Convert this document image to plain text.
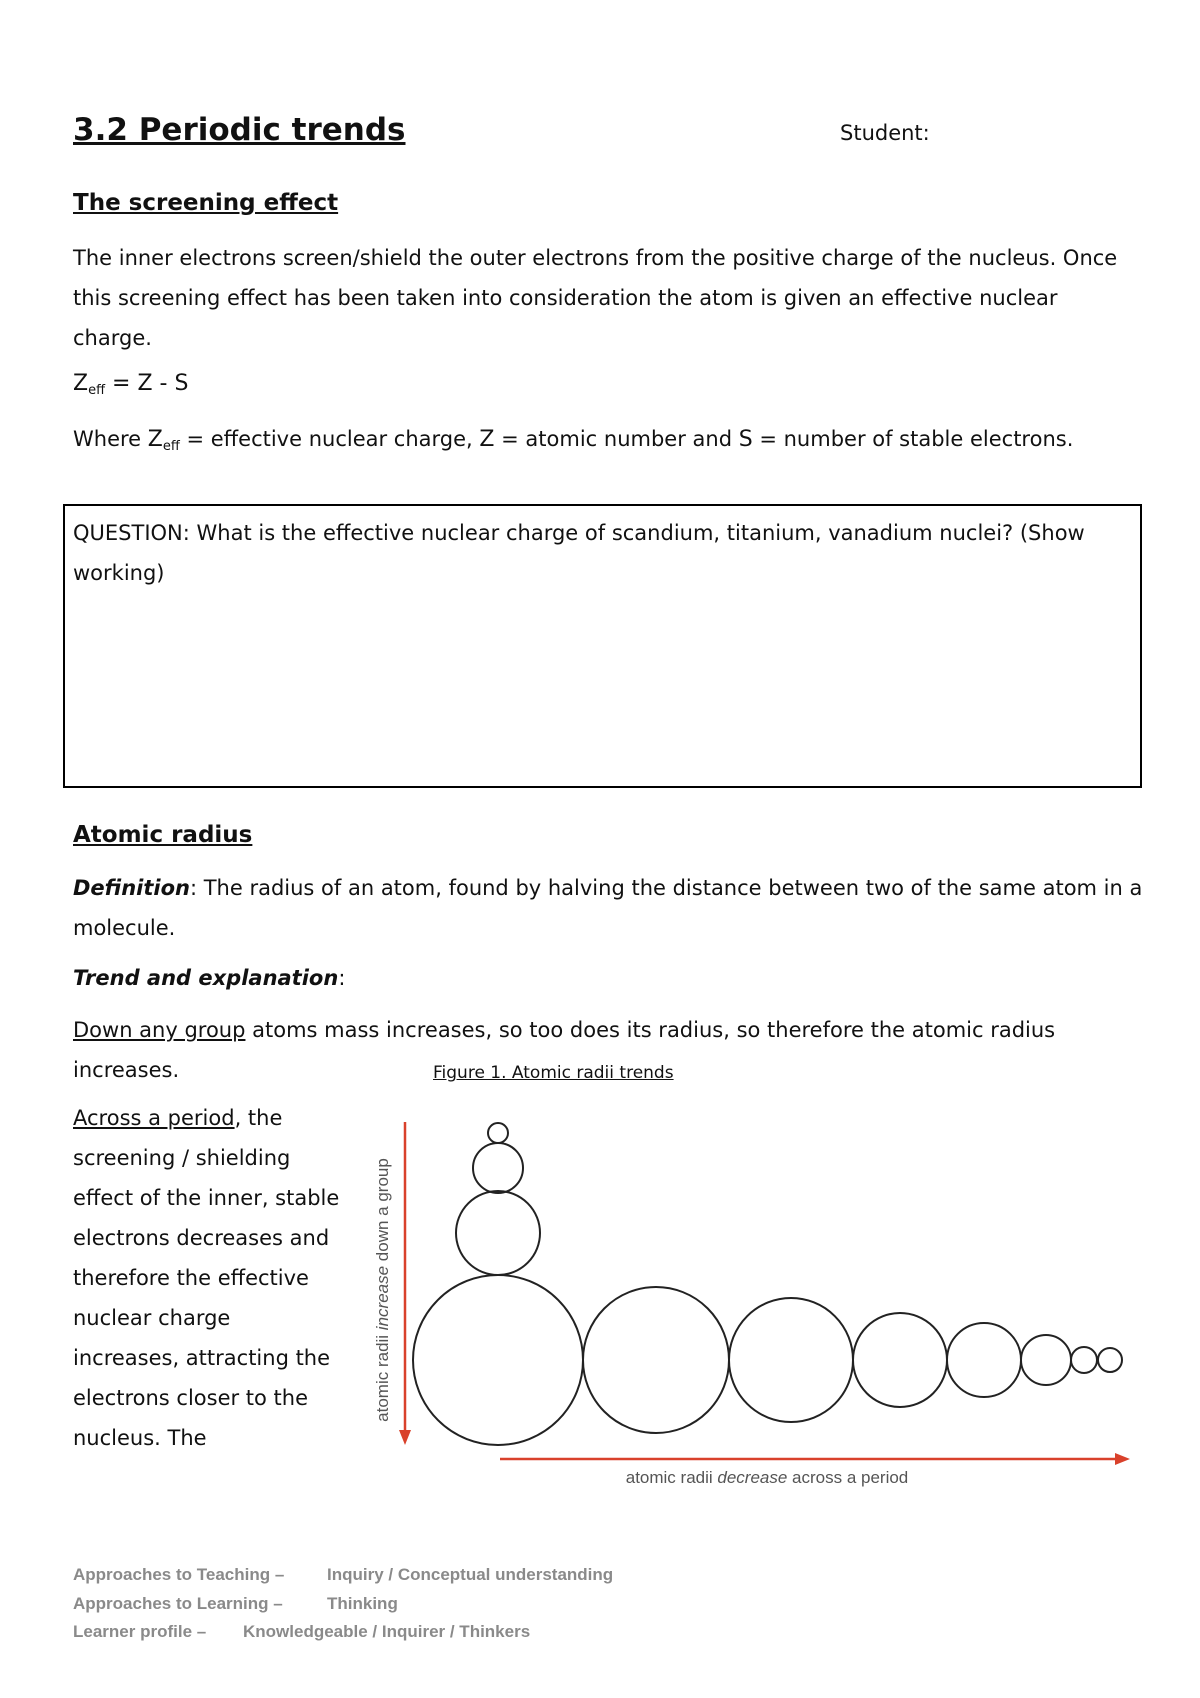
3.2 Periodic trends	Student:
The screening effect
The inner electrons screen/shield the outer electrons from the positive charge of the nucleus. Once this screening effect has been taken into consideration the atom is given an effective nuclear charge.
$Z_{eff} = Z - S$
Where $Z_{eff}$ = effective nuclear charge, Z = atomic number and S = number of stable electrons.
QUESTION: What is the effective nuclear charge of scandium, titanium, vanadium nuclei? (Show working)
Atomic radius
Definition: The radius of an atom, found by halving the distance between two of the same atom in a molecule.
Trend and explanation:
Down any group atoms mass increases, so too does its radius, so therefore the atomic radius increases.	Figure 1. Atomic radii trends
Across a period, the screening / shielding effect of the inner, stable electrons decreases and therefore the effective nuclear charge increases, attracting the electrons closer to the nucleus. The
atomic radii increase down a group
atomic radii decrease across a period
Approaches to Teaching –	Inquiry / Conceptual understanding
Approaches to Learning –	Thinking
Learner profile – Knowledgeable / Inquirer / Thinkers
